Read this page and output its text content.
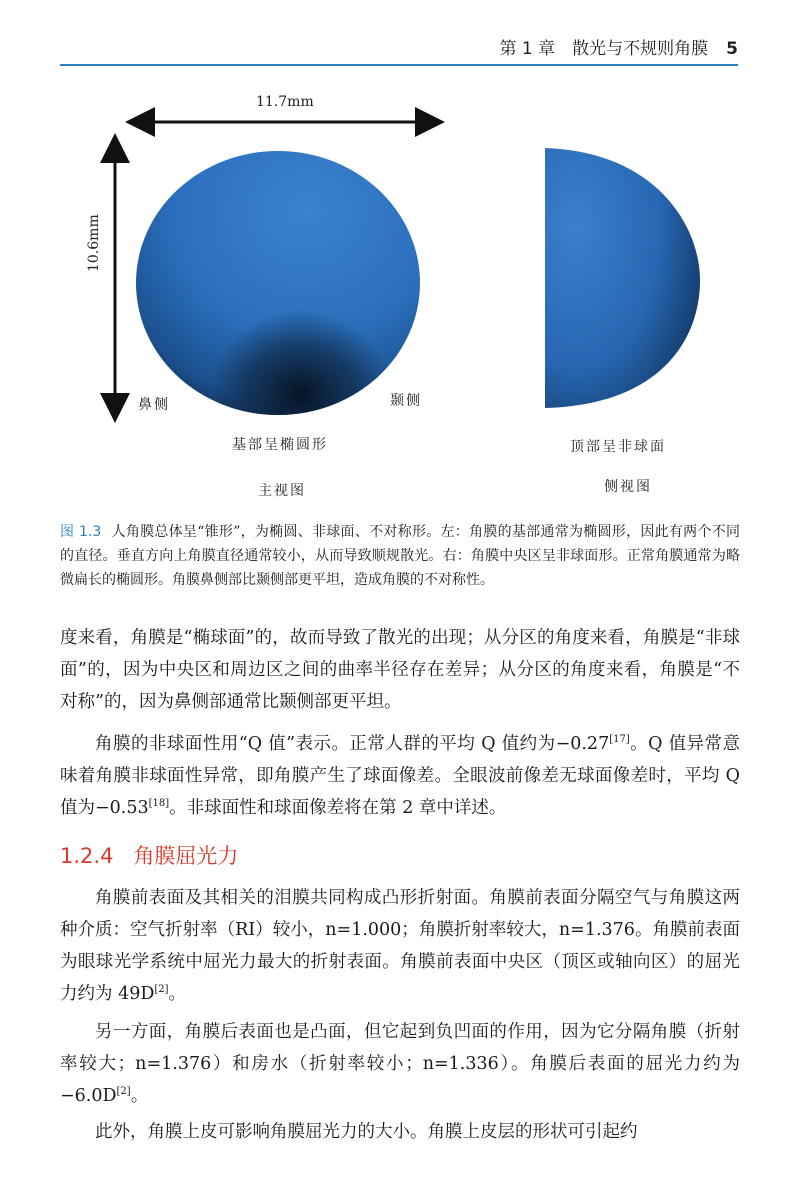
第 1 章　散光与不规则角膜 5
11.7mm
10.6mm
鼻侧	颞侧
基部呈椭圆形
主视图
顶部呈非球面
侧视图
图 1.3 人角膜总体呈“锥形”，为椭圆、非球面、不对称形。左：角膜的基部通常为椭圆形，因此有两个不同的直径。垂直方向上角膜直径通常较小，从而导致顺规散光。右：角膜中央区呈非球面形。正常角膜通常为略微扁长的椭圆形。角膜鼻侧部比颞侧部更平坦，造成角膜的不对称性。
度来看，角膜是“椭球面”的，故而导致了散光的出现；从分区的角度来看，角膜是“非球面”的，因为中央区和周边区之间的曲率半径存在差异；从分区的角度来看，角膜是“不对称”的，因为鼻侧部通常比颞侧部更平坦。
角膜的非球面性用“Q 值”表示。正常人群的平均 Q 值约为−0.27[17]。Q 值异常意味着角膜非球面性异常，即角膜产生了球面像差。全眼波前像差无球面像差时，平均 Q 值为−0.53[18]。非球面性和球面像差将在第 2 章中详述。
1.2.4 角膜屈光力
角膜前表面及其相关的泪膜共同构成凸形折射面。角膜前表面分隔空气与角膜这两种介质：空气折射率（RI）较小，n=1.000；角膜折射率较大，n=1.376。角膜前表面为眼球光学系统中屈光力最大的折射表面。角膜前表面中央区（顶区或轴向区）的屈光力约为 49D[2]。
另一方面，角膜后表面也是凸面，但它起到负凹面的作用，因为它分隔角膜（折射率较大；n=1.376）和房水（折射率较小；n=1.336）。角膜后表面的屈光力约为−6.0D[2]。
此外，角膜上皮可影响角膜屈光力的大小。角膜上皮层的形状可引起约
